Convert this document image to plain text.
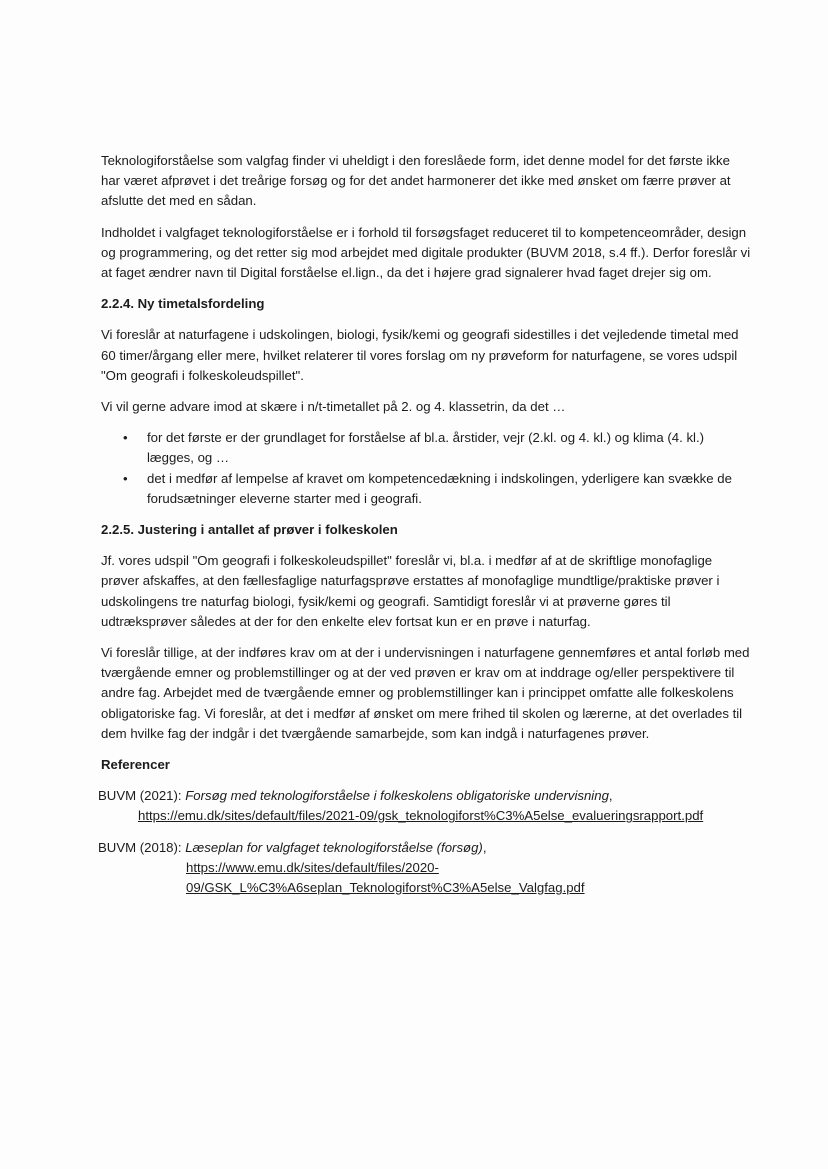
Teknologiforståelse som valgfag finder vi uheldigt i den foreslåede form, idet denne model for det første ikke har været afprøvet i det treårige forsøg og for det andet harmonerer det ikke med ønsket om færre prøver at afslutte det med en sådan.

Indholdet i valgfaget teknologiforståelse er i forhold til forsøgsfaget reduceret til to kompetenceområder, design og programmering, og det retter sig mod arbejdet med digitale produkter (BUVM 2018, s.4 ff.). Derfor foreslår vi at faget ændrer navn til Digital forståelse el.lign., da det i højere grad signalerer hvad faget drejer sig om.

2.2.4. Ny timetalsfordeling

Vi foreslår at naturfagene i udskolingen, biologi, fysik/kemi og geografi sidestilles i det vejledende timetal med 60 timer/årgang eller mere, hvilket relaterer til vores forslag om ny prøveform for naturfagene, se vores udspil "Om geografi i folkeskoleudspillet".

Vi vil gerne advare imod at skære i n/t-timetallet på 2. og 4. klassetrin, da det …

• for det første er der grundlaget for forståelse af bl.a. årstider, vejr (2.kl. og 4. kl.) og klima (4. kl.) lægges, og …
• det i medfør af lempelse af kravet om kompetencedækning i indskolingen, yderligere kan svække de forudsætninger eleverne starter med i geografi.
2.2.5. Justering i antallet af prøver i folkeskolen

Jf. vores udspil "Om geografi i folkeskoleudspillet" foreslår vi, bl.a. i medfør af at de skriftlige monofaglige prøver afskaffes, at den fællesfaglige naturfagsprøve erstattes af monofaglige mundtlige/praktiske prøver i udskolingens tre naturfag biologi, fysik/kemi og geografi. Samtidigt foreslår vi at prøverne gøres til udtræksprøver således at der for den enkelte elev fortsat kun er en prøve i naturfag.

Vi foreslår tillige, at der indføres krav om at der i undervisningen i naturfagene gennemføres et antal forløb med tværgående emner og problemstillinger og at der ved prøven er krav om at inddrage og/eller perspektivere til andre fag. Arbejdet med de tværgående emner og problemstillinger kan i princippet omfatte alle folkeskolens obligatoriske fag. Vi foreslår, at det i medfør af ønsket om mere frihed til skolen og lærerne, at det overlades til dem hvilke fag der indgår i det tværgående samarbejde, som kan indgå i naturfagenes prøver.

Referencer
BUVM (2021): Forsøg med teknologiforståelse i folkeskolens obligatoriske undervisning,
https://emu.dk/sites/default/files/2021-09/gsk_teknologiforst%C3%A5else_evalueringsrapport.pdf
BUVM (2018): Læseplan for valgfaget teknologiforståelse (forsøg),
https://www.emu.dk/sites/default/files/2020-
09/GSK_L%C3%A6seplan_Teknologiforst%C3%A5else_Valgfag.pdf
